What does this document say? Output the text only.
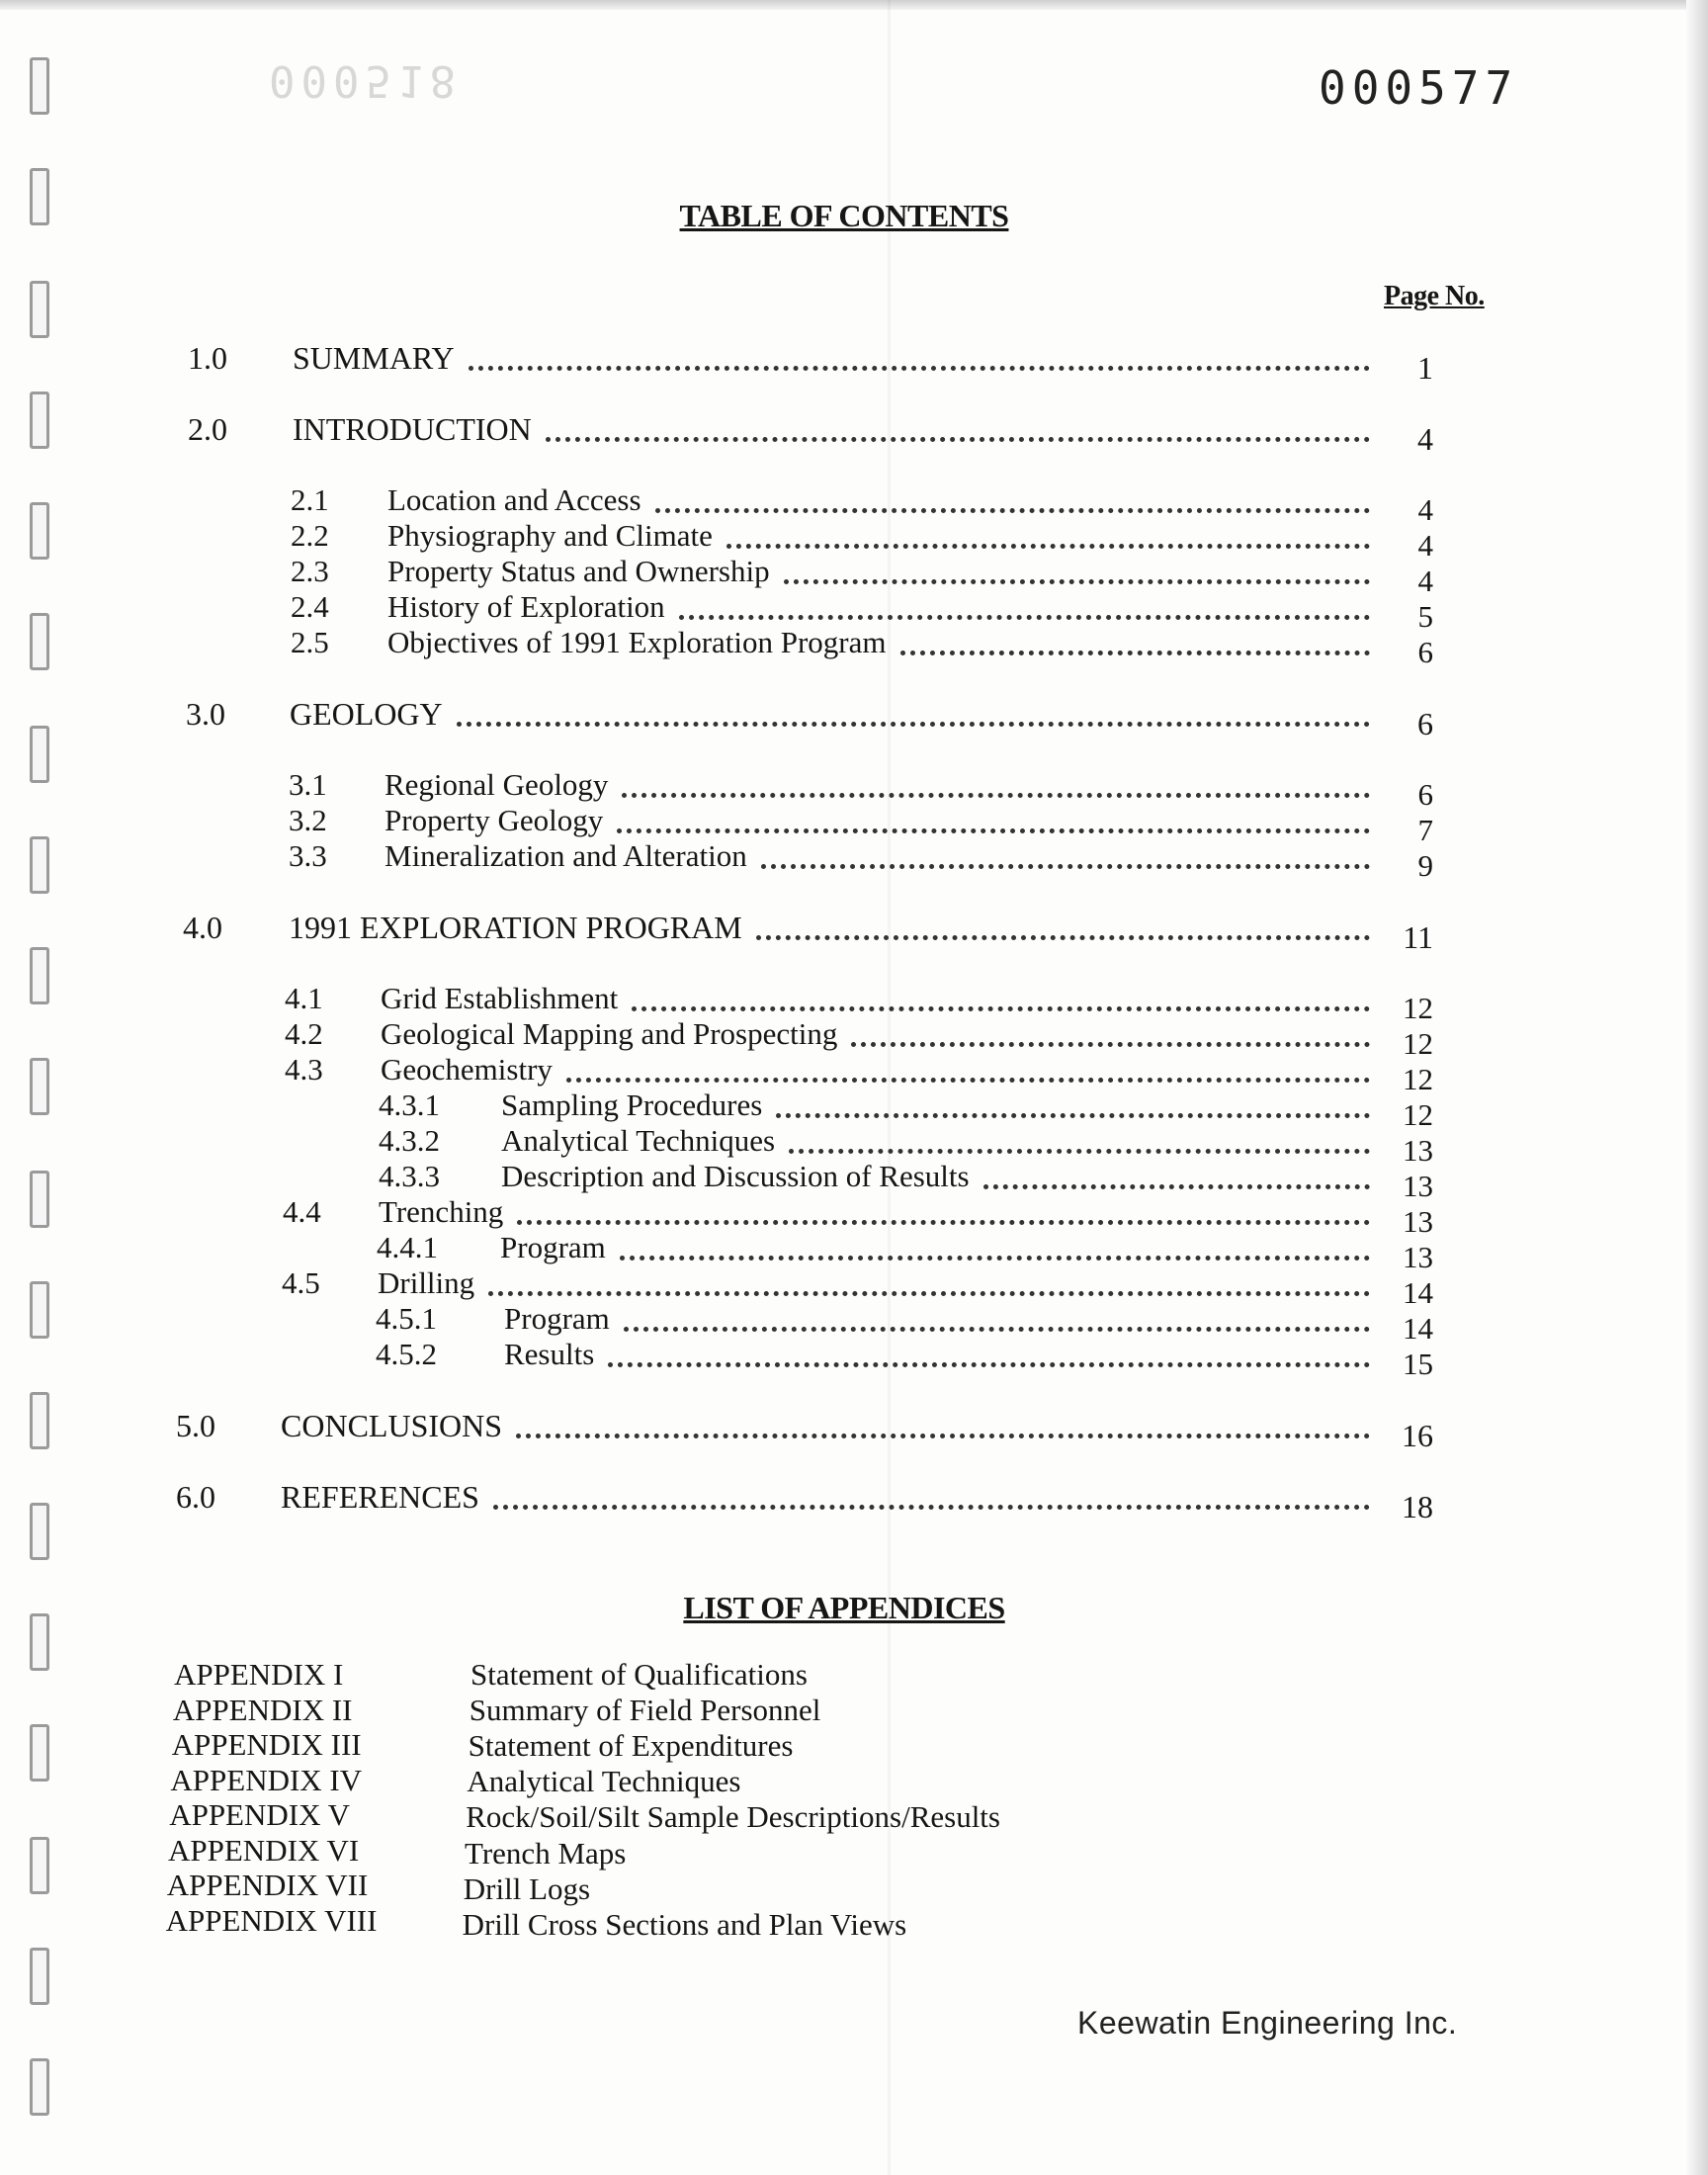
000518	000577
TABLE OF CONTENTS
Page No.
1.0	SUMMARY	1
2.0	INTRODUCTION	4
2.1	Location and Access	4
2.2	Physiography and Climate	4
2.3	Property Status and Ownership	4
2.4	History of Exploration	5
2.5	Objectives of 1991 Exploration Program	6
3.0	GEOLOGY	6
3.1	Regional Geology	6
3.2	Property Geology	7
3.3	Mineralization and Alteration	9
4.0	1991 EXPLORATION PROGRAM	11
4.1	Grid Establishment	12
4.2	Geological Mapping and Prospecting	12
4.3	Geochemistry	12
4.3.1	Sampling Procedures	12
4.3.2	Analytical Techniques	13
4.3.3	Description and Discussion of Results	13
4.4	Trenching	13
4.4.1	Program	13
4.5	Drilling	14
4.5.1	Program	14
4.5.2	Results	15
5.0	CONCLUSIONS	16
6.0	REFERENCES	18
LIST OF APPENDICES
APPENDIX I	Statement of Qualifications
APPENDIX II	Summary of Field Personnel
APPENDIX III	Statement of Expenditures
APPENDIX IV	Analytical Techniques
APPENDIX V	Rock/Soil/Silt Sample Descriptions/Results
APPENDIX VI	Trench Maps
APPENDIX VII	Drill Logs
APPENDIX VIII	Drill Cross Sections and Plan Views
Keewatin Engineering Inc.
